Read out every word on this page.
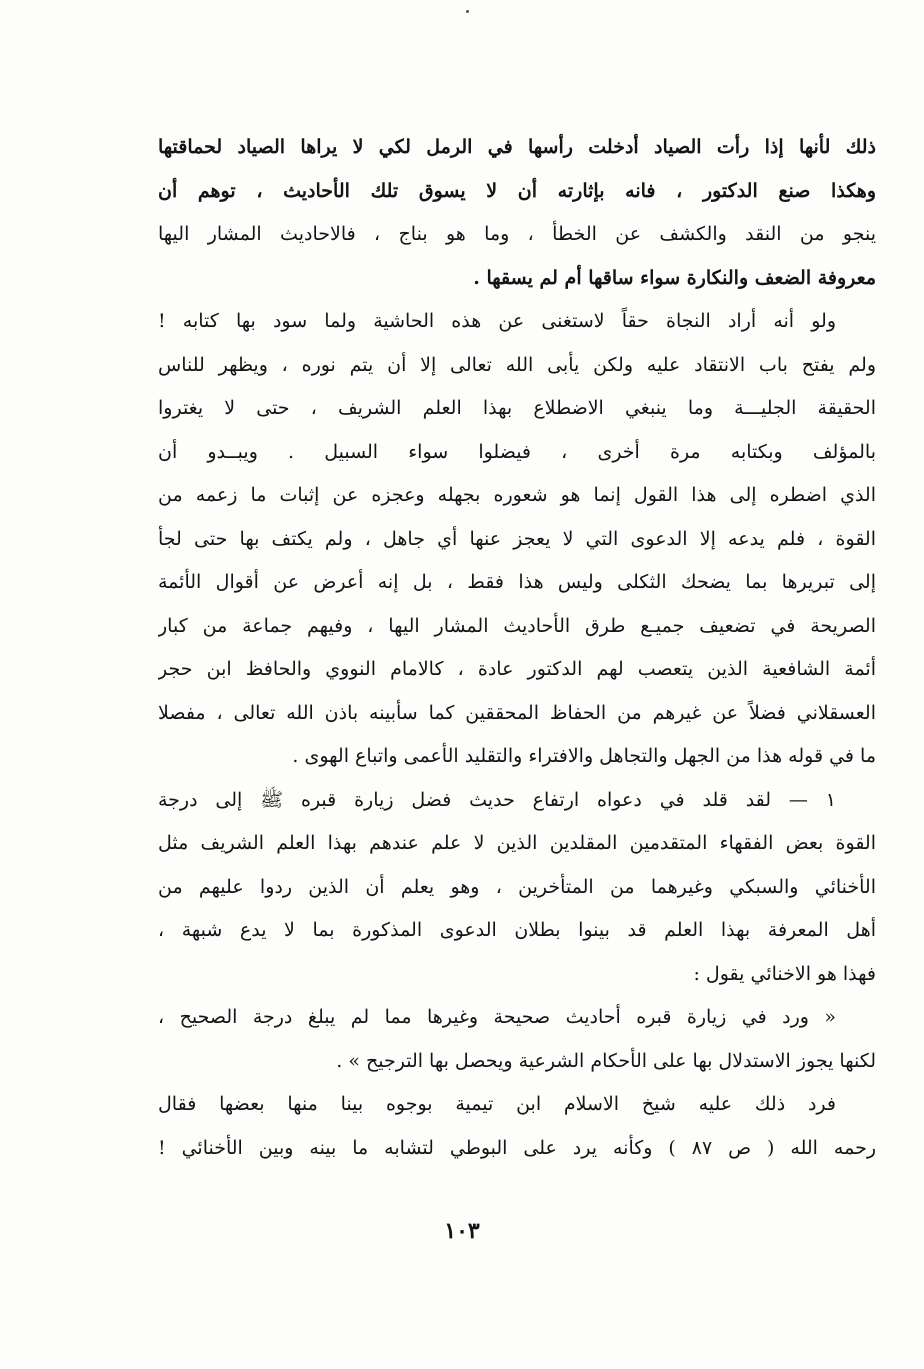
ذلك لأنها إذا رأت الصياد أدخلت رأسها في الرمل لكي لا يراها الصياد لحماقتها
وهكذا صنع الدكتور ، فانه بإثارته أن لا يسوق تلك الأحاديث ، توهم أن
ينجو من النقد والكشف عن الخطأ ، وما هو بناج ، فالاحاديث المشار اليها
معروفة الضعف والنكارة سواء ساقها أم لم يسقها .
ولو أنه أراد النجاة حقاً لاستغنى عن هذه الحاشية ولما سود بها كتابه !
ولم يفتح باب الانتقاد عليه ولكن يأبى الله تعالى إلا أن يتم نوره ، ويظهر للناس
الحقيقة الجليـــة وما ينبغي الاضطلاع بهذا العلم الشريف ، حتى لا يغتروا
بالمؤلف وبكتابه مرة أخرى ، فيضلوا سواء السبيل . ويبــدو أن
الذي اضطره إلى هذا القول إنما هو شعوره بجهله وعجزه عن إثبات ما زعمه من
القوة ، فلم يدعه إلا الدعوى التي لا يعجز عنها أي جاهل ، ولم يكتف بها حتى لجأ
إلى تبريرها بما يضحك الثكلى وليس هذا فقط ، بل إنه أعرض عن أقوال الأئمة
الصريحة في تضعيف جميـع طرق الأحاديث المشار اليها ، وفيهم جماعة من كبار
أئمة الشافعية الذين يتعصب لهم الدكتور عادة ، كالامام النووي والحافظ ابن حجر
العسقلاني فضلاً عن غيرهم من الحفاظ المحققين كما سأبينه باذن الله تعالى ، مفصلا
ما في قوله هذا من الجهل والتجاهل والافتراء والتقليد الأعمى واتباع الهوى .
١ — لقد قلد في دعواه ارتفاع حديث فضل زيارة قبره ﷺ إلى درجة
القوة بعض الفقهاء المتقدمين المقلدين الذين لا علم عندهم بهذا العلم الشريف مثل
الأخنائي والسبكي وغيرهما من المتأخرين ، وهو يعلم أن الذين ردوا عليهم من
أهل المعرفة بهذا العلم قد بينوا بطلان الدعوى المذكورة بما لا يدع شبهة ،
فهذا هو الاخنائي يقول :
« ورد في زيارة قبره أحاديث صحيحة وغيرها مما لم يبلغ درجة الصحيح ،
لكنها يجوز الاستدلال بها على الأحكام الشرعية ويحصل بها الترجيح » .
فرد ذلك عليه شيخ الاسلام ابن تيمية بوجوه بينا منها بعضها فقال
رحمه الله ( ص ٨٧ ) وكأنه يرد على البوطي لتشابه ما بينه وبين الأخنائي !
١٠٣
